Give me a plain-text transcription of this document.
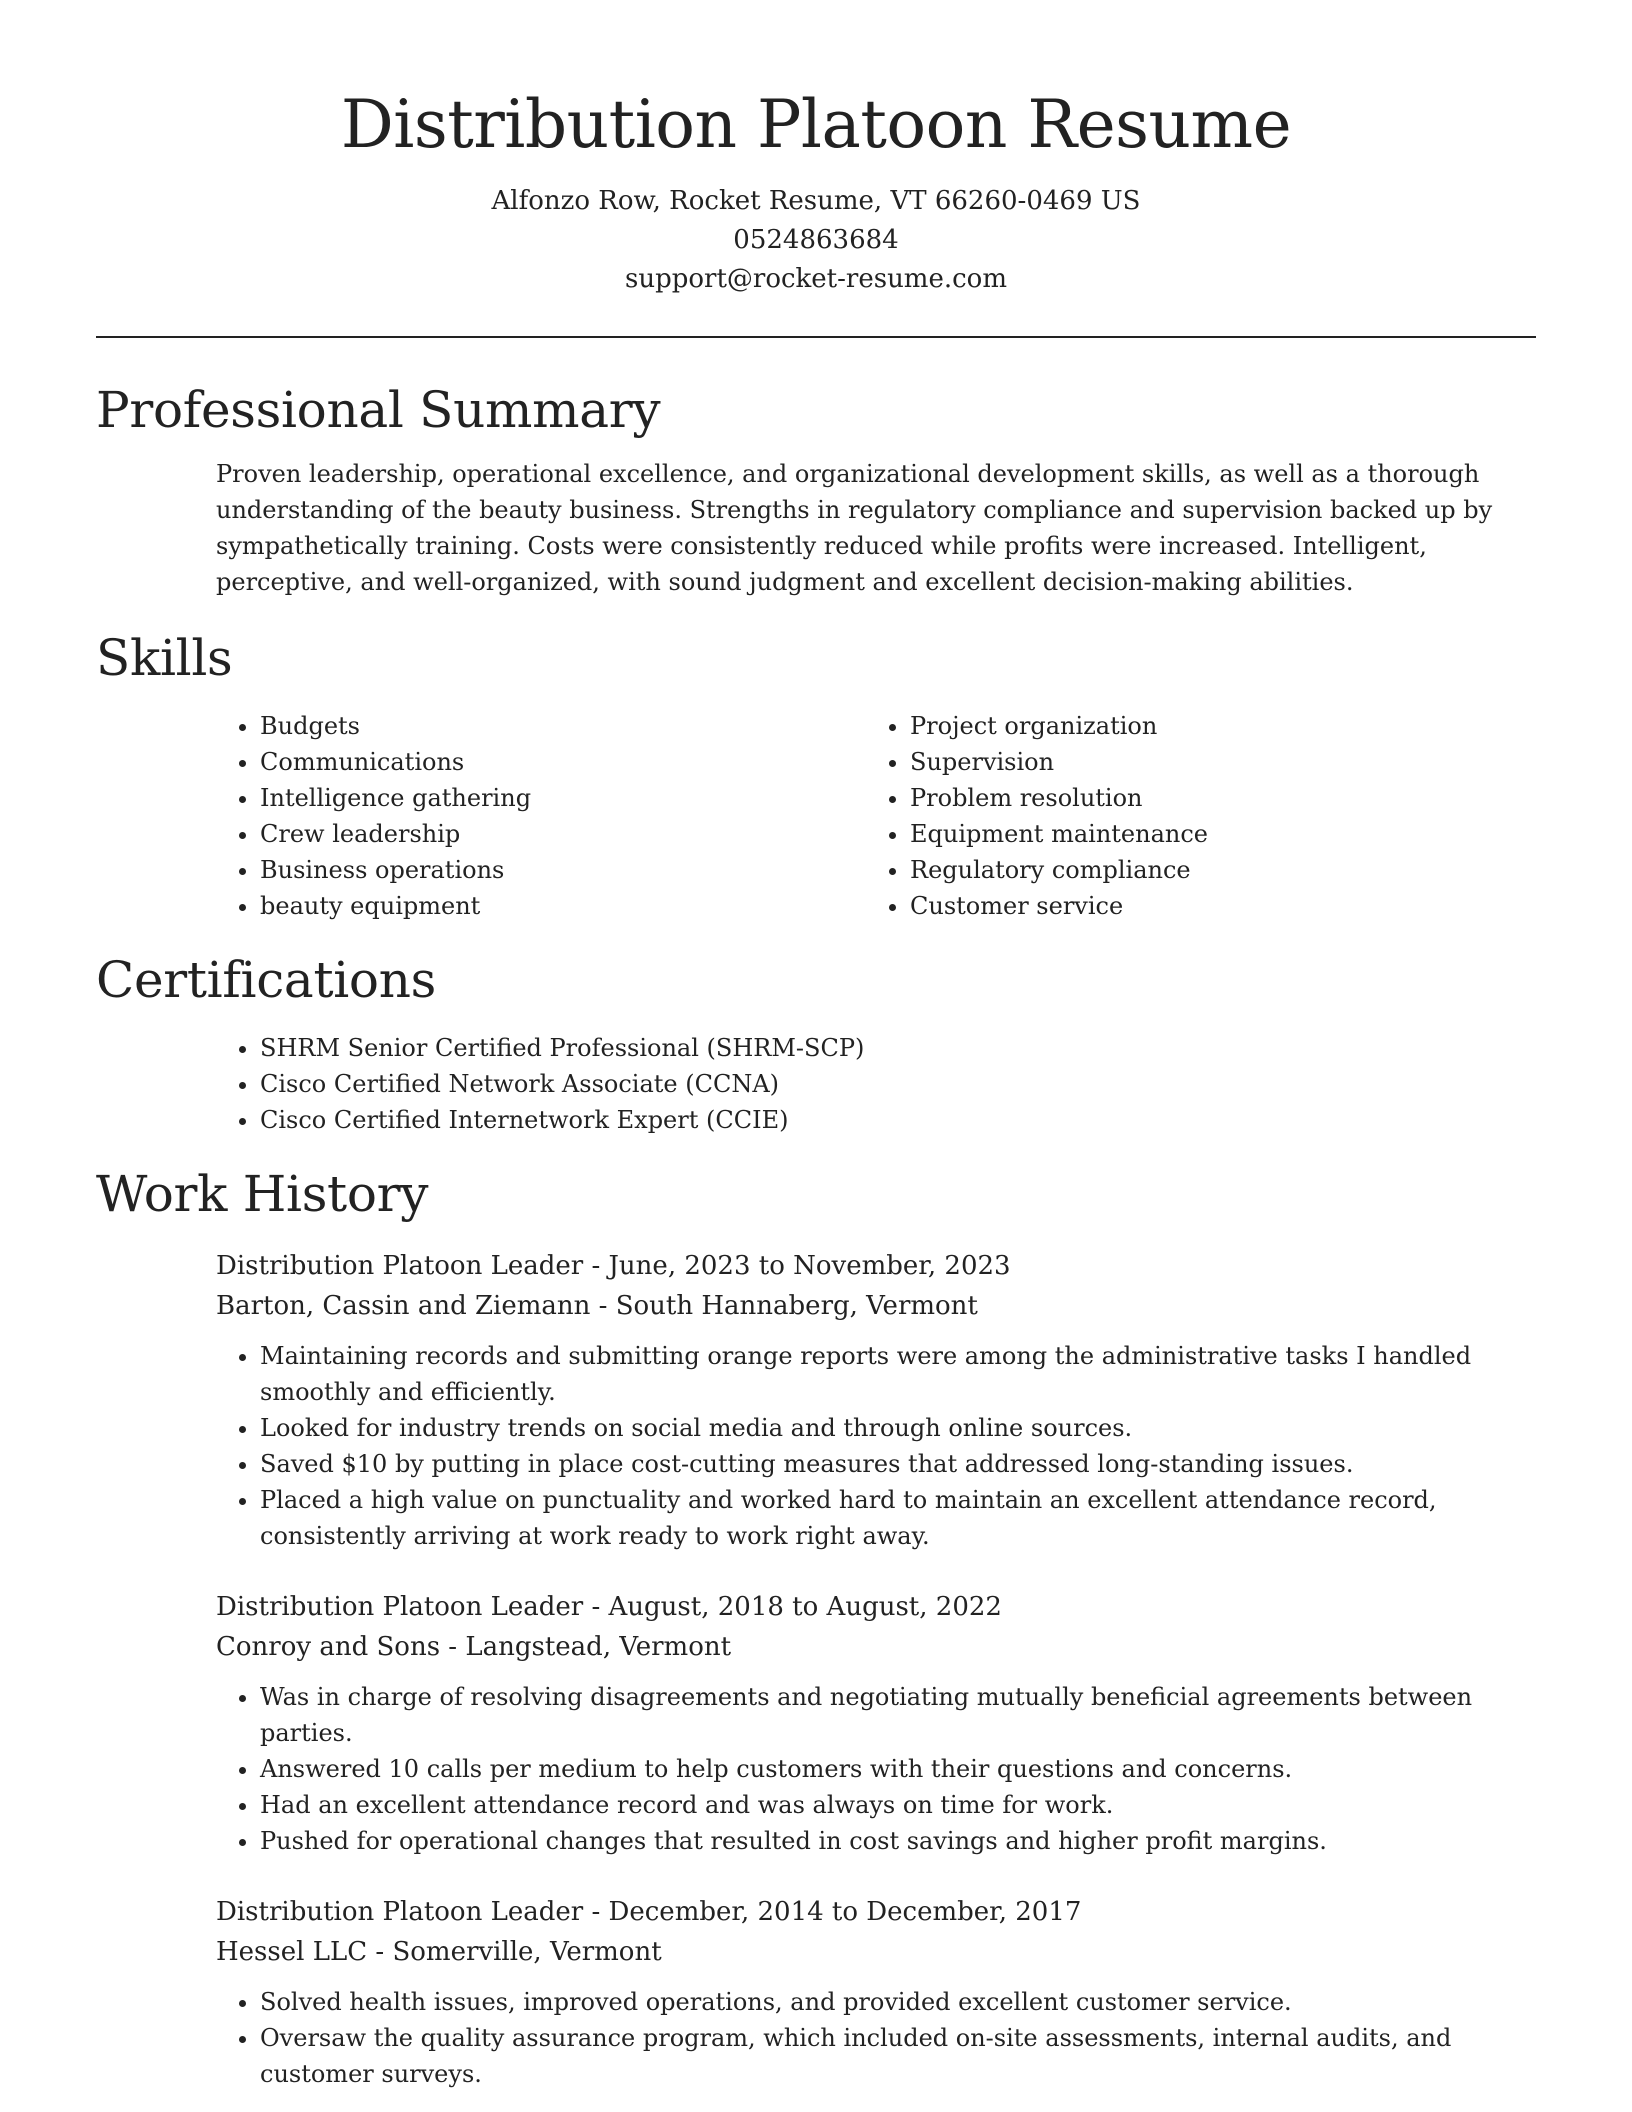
Distribution Platoon Resume
Alfonzo Row, Rocket Resume, VT 66260-0469 US
0524863684
support@rocket-resume.com
Professional Summary
Proven leadership, operational excellence, and organizational development skills, as well as a thorough understanding of the beauty business. Strengths in regulatory compliance and supervision backed up by sympathetically training. Costs were consistently reduced while profits were increased. Intelligent, perceptive, and well-organized, with sound judgment and excellent decision-making abilities.
Skills
• Budgets
• Communications
• Intelligence gathering
• Crew leadership
• Business operations
• beauty equipment
• Project organization
• Supervision
• Problem resolution
• Equipment maintenance
• Regulatory compliance
• Customer service
Certifications
• SHRM Senior Certified Professional (SHRM-SCP)
• Cisco Certified Network Associate (CCNA)
• Cisco Certified Internetwork Expert (CCIE)
Work History
Distribution Platoon Leader - June, 2023 to November, 2023
Barton, Cassin and Ziemann - South Hannaberg, Vermont
• Maintaining records and submitting orange reports were among the administrative tasks I handled smoothly and efficiently.
• Looked for industry trends on social media and through online sources.
• Saved $10 by putting in place cost-cutting measures that addressed long-standing issues.
• Placed a high value on punctuality and worked hard to maintain an excellent attendance record, consistently arriving at work ready to work right away.
Distribution Platoon Leader - August, 2018 to August, 2022
Conroy and Sons - Langstead, Vermont
• Was in charge of resolving disagreements and negotiating mutually beneficial agreements between parties.
• Answered 10 calls per medium to help customers with their questions and concerns.
• Had an excellent attendance record and was always on time for work.
• Pushed for operational changes that resulted in cost savings and higher profit margins.
Distribution Platoon Leader - December, 2014 to December, 2017
Hessel LLC - Somerville, Vermont
• Solved health issues, improved operations, and provided excellent customer service.
• Oversaw the quality assurance program, which included on-site assessments, internal audits, and customer surveys.
